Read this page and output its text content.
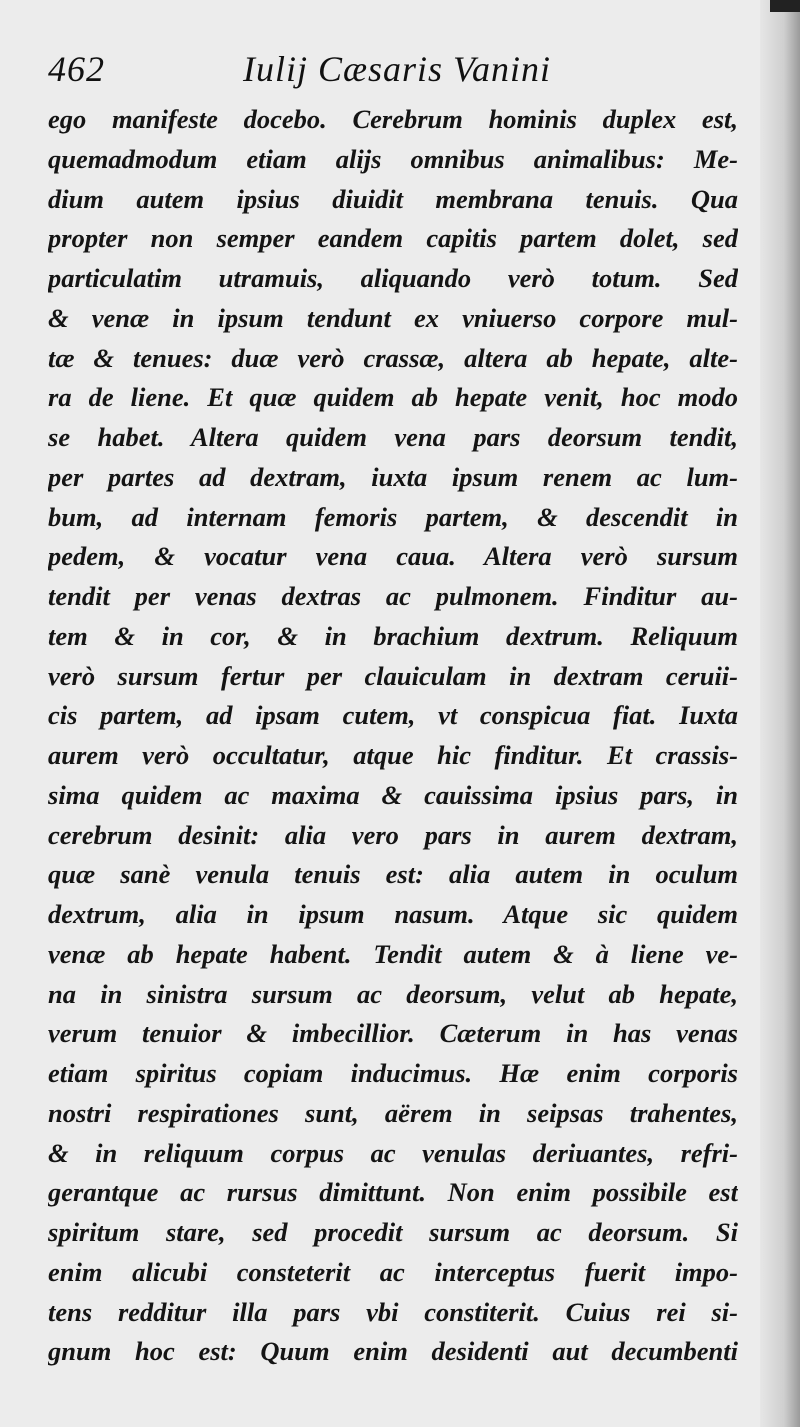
462	Iulij Cæsaris Vanini
ego manifeste docebo. Cerebrum hominis duplex est,
quemadmodum etiam alijs omnibus animalibus: Me-
dium autem ipsius diuidit membrana tenuis. Qua
propter non semper eandem capitis partem dolet, sed
particulatim utramuis, aliquando verò totum. Sed
& venæ in ipsum tendunt ex vniuerso corpore mul-
tæ & tenues: duæ verò crassæ, altera ab hepate, alte-
ra de liene. Et quæ quidem ab hepate venit, hoc modo
se habet. Altera quidem vena pars deorsum tendit,
per partes ad dextram, iuxta ipsum renem ac lum-
bum, ad internam femoris partem, & descendit in
pedem, & vocatur vena caua. Altera verò sursum
tendit per venas dextras ac pulmonem. Finditur au-
tem & in cor, & in brachium dextrum. Reliquum
verò sursum fertur per clauiculam in dextram ceruii-
cis partem, ad ipsam cutem, vt conspicua fiat. Iuxta
aurem verò occultatur, atque hic finditur. Et crassis-
sima quidem ac maxima & cauissima ipsius pars, in
cerebrum desinit: alia vero pars in aurem dextram,
quæ sanè venula tenuis est: alia autem in oculum
dextrum, alia in ipsum nasum. Atque sic quidem
venæ ab hepate habent. Tendit autem & à liene ve-
na in sinistra sursum ac deorsum, velut ab hepate,
verum tenuior & imbecillior. Cæterum in has venas
etiam spiritus copiam inducimus. Hæ enim corporis
nostri respirationes sunt, aërem in seipsas trahentes,
& in reliquum corpus ac venulas deriuantes, refri-
gerantque ac rursus dimittunt. Non enim possibile est
spiritum stare, sed procedit sursum ac deorsum. Si
enim alicubi consteterit ac interceptus fuerit impo-
tens redditur illa pars vbi constiterit. Cuius rei si-
gnum hoc est: Quum enim desidenti aut decumbenti
